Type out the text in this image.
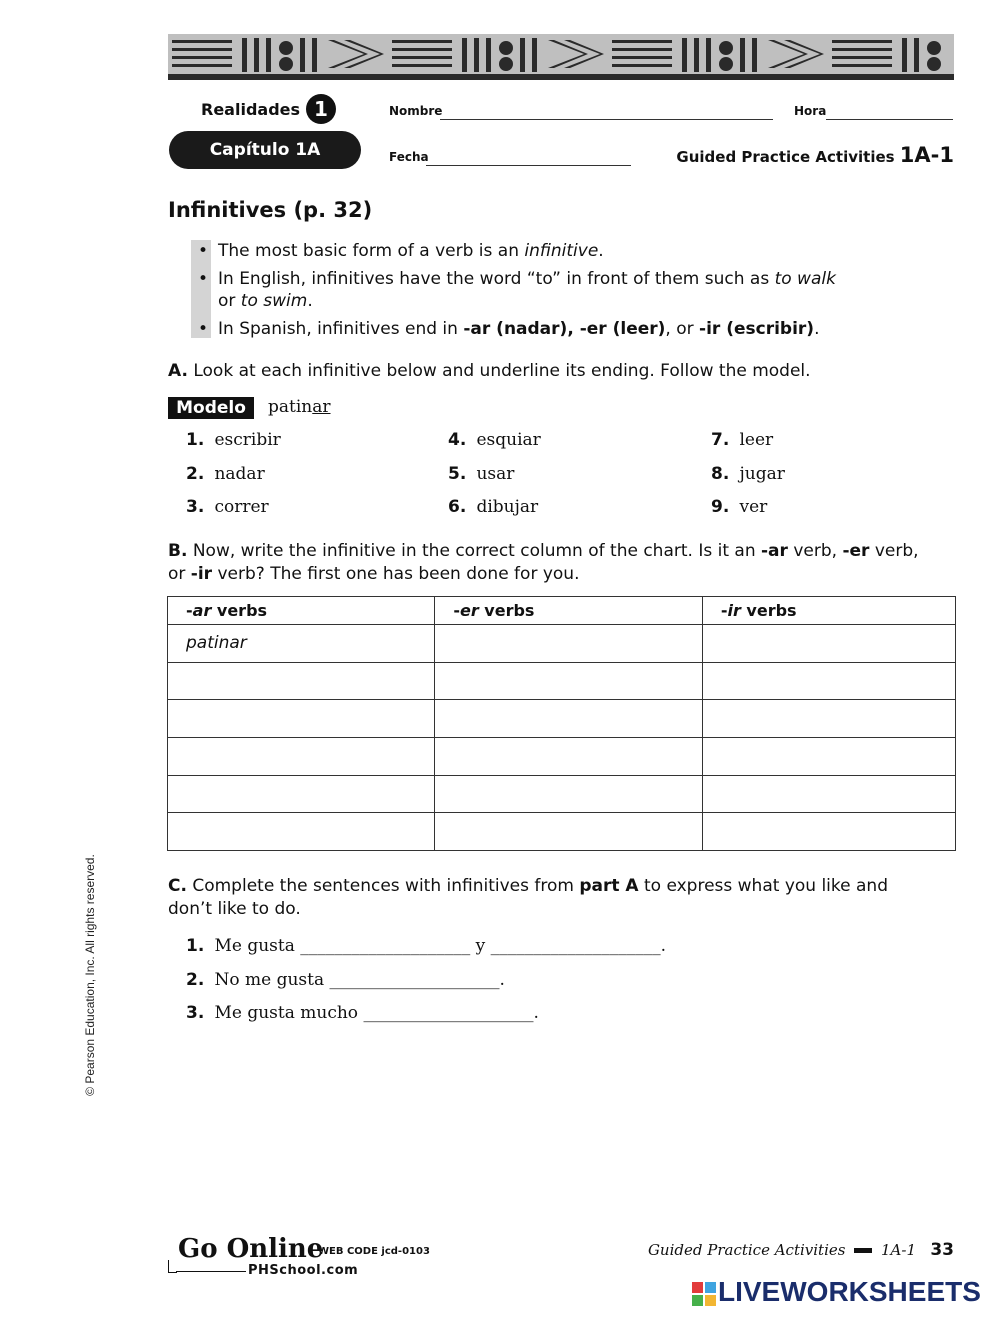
Realidades 1
Capítulo 1A
Nombre	Hora
Fecha	Guided Practice Activities 1A-1
Infinitives (p. 32)
• The most basic form of a verb is an infinitive.
• In English, infinitives have the word “to” in front of them such as to walk
or to swim.
• In Spanish, infinitives end in -ar (nadar), -er (leer), or -ir (escribir).
A. Look at each infinitive below and underline its ending. Follow the model.
Modelo	patinar
1. escribir
2. nadar
3. correr
4. esquiar
5. usar
6. dibujar
7. leer
8. jugar
9. ver
B. Now, write the infinitive in the correct column of the chart. Is it an -ar verb, -er verb,
or -ir verb? The first one has been done for you.
-ar verbs	-er verbs	-ir verbs
patinar		

C. Complete the sentences with infinitives from part A to express what you like and
don’t like to do.
1. Me gusta ____________________ y ____________________.
2. No me gusta ____________________.
3. Me gusta mucho ____________________.
© Pearson Education, Inc. All rights reserved.
Go Online
WEB CODE jcd-0103
PHSchool.com
Guided Practice Activities 1A-1 33
LIVEWORKSHEETS
